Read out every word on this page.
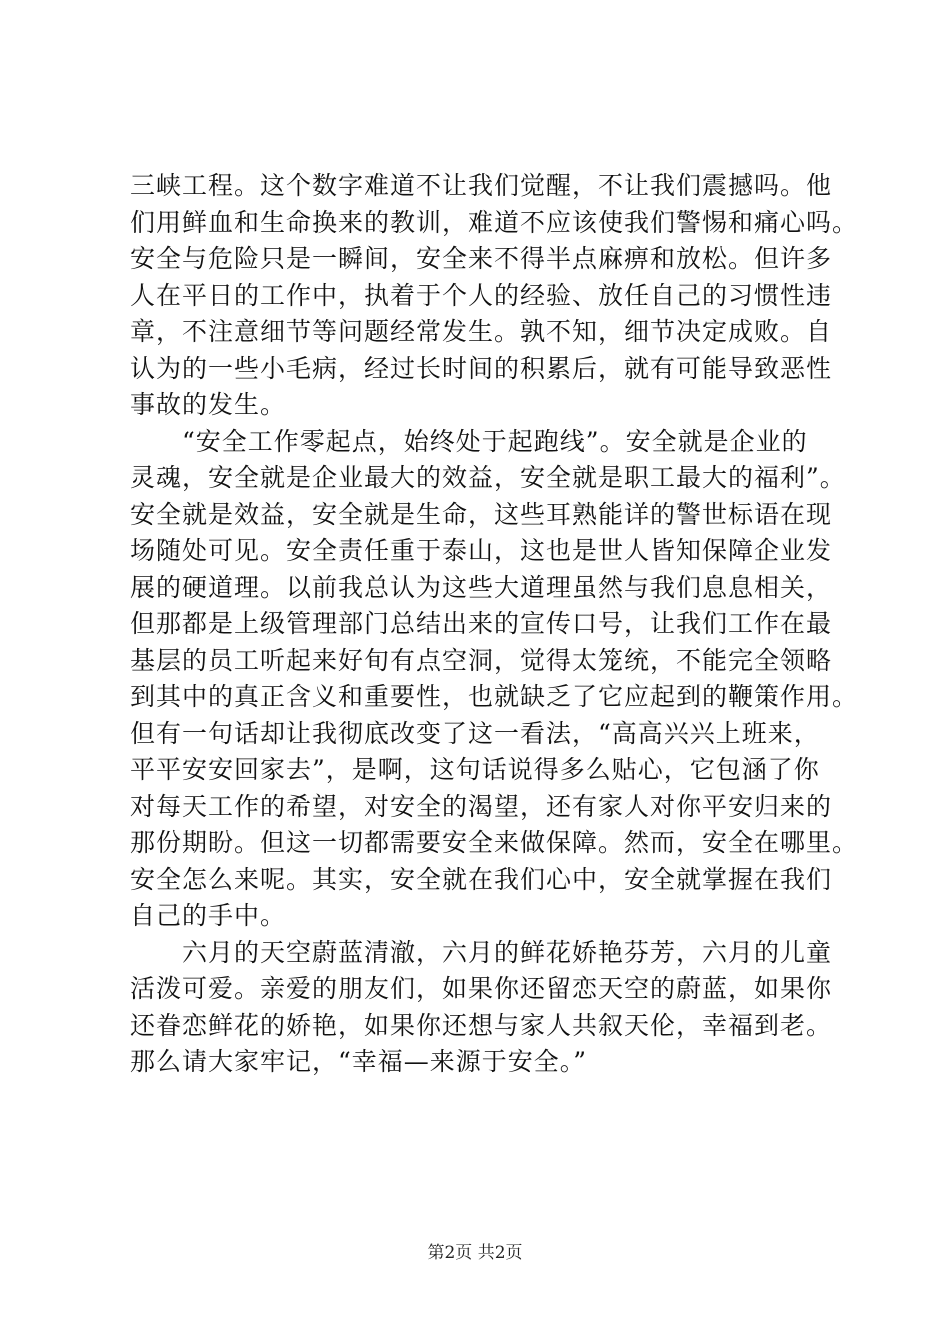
三峡工程。这个数字难道不让我们觉醒，不让我们震撼吗。他
们用鲜血和生命换来的教训，难道不应该使我们警惕和痛心吗。
安全与危险只是一瞬间，安全来不得半点麻痹和放松。但许多
人在平日的工作中，执着于个人的经验、放任自己的习惯性违
章，不注意细节等问题经常发生。孰不知，细节决定成败。自
认为的一些小毛病，经过长时间的积累后，就有可能导致恶性
事故的发生。
“安全工作零起点，始终处于起跑线”。安全就是企业的
灵魂，安全就是企业最大的效益，安全就是职工最大的福利”。
安全就是效益，安全就是生命，这些耳熟能详的警世标语在现
场随处可见。安全责任重于泰山，这也是世人皆知保障企业发
展的硬道理。以前我总认为这些大道理虽然与我们息息相关，
但那都是上级管理部门总结出来的宣传口号，让我们工作在最
基层的员工听起来好旬有点空洞，觉得太笼统，不能完全领略
到其中的真正含义和重要性，也就缺乏了它应起到的鞭策作用。
但有一句话却让我彻底改变了这一看法，“高高兴兴上班来，
平平安安回家去”，是啊，这句话说得多么贴心，它包涵了你
对每天工作的希望，对安全的渴望，还有家人对你平安归来的
那份期盼。但这一切都需要安全来做保障。然而，安全在哪里。
安全怎么来呢。其实，安全就在我们心中，安全就掌握在我们
自己的手中。
六月的天空蔚蓝清澈，六月的鲜花娇艳芬芳，六月的儿童
活泼可爱。亲爱的朋友们，如果你还留恋天空的蔚蓝，如果你
还眷恋鲜花的娇艳，如果你还想与家人共叙天伦，幸福到老。
那么请大家牢记，“幸福—来源于安全。”
第2页 共2页
